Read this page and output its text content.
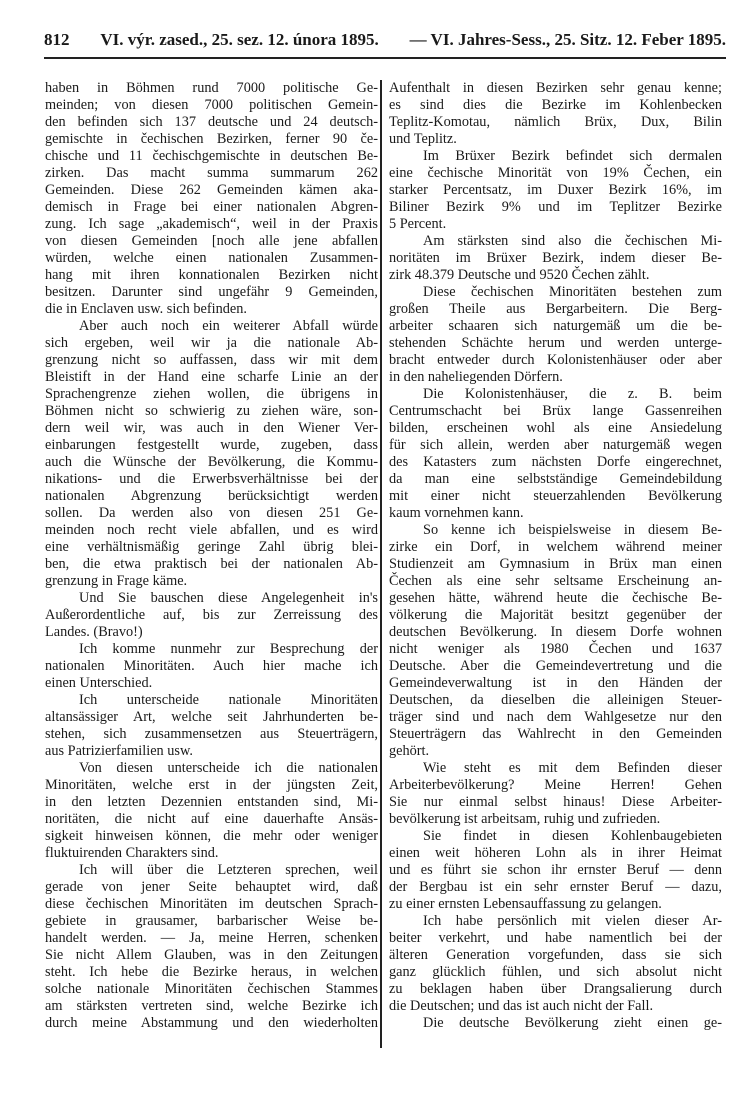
812 VI. výr. zased., 25. sez. 12. února 1895. — VI. Jahres-Sess., 25. Sitz. 12. Feber 1895.
haben in Böhmen rund 7000 politische Ge-
meinden; von diesen 7000 politischen Gemein-
den befinden sich 137 deutsche und 24 deutsch-
gemischte in čechischen Bezirken, ferner 90 če-
chische und 11 čechischgemischte in deutschen Be-
zirken. Das macht summa summarum 262
Gemeinden. Diese 262 Gemeinden kämen aka-
demisch in Frage bei einer nationalen Abgren-
zung. Ich sage „akademisch“, weil in der Praxis
von diesen Gemeinden [noch alle jene abfallen
würden, welche einen nationalen Zusammen-
hang mit ihren konnationalen Bezirken nicht
besitzen. Darunter sind ungefähr 9 Gemeinden,
die in Enclaven usw. sich befinden.
Aber auch noch ein weiterer Abfall würde
sich ergeben, weil wir ja die nationale Ab-
grenzung nicht so auffassen, dass wir mit dem
Bleistift in der Hand eine scharfe Linie an der
Sprachengrenze ziehen wollen, die übrigens in
Böhmen nicht so schwierig zu ziehen wäre, son-
dern weil wir, was auch in den Wiener Ver-
einbarungen festgestellt wurde, zugeben, dass
auch die Wünsche der Bevölkerung, die Kommu-
nikations- und die Erwerbsverhältnisse bei der
nationalen Abgrenzung berücksichtigt werden
sollen. Da werden also von diesen 251 Ge-
meinden noch recht viele abfallen, und es wird
eine verhältnismäßig geringe Zahl übrig blei-
ben, die etwa praktisch bei der nationalen Ab-
grenzung in Frage käme.
Und Sie bauschen diese Angelegenheit in's
Außerordentliche auf, bis zur Zerreissung des
Landes. (Bravo!)
Ich komme nunmehr zur Besprechung der
nationalen Minoritäten. Auch hier mache ich
einen Unterschied.
Ich unterscheide nationale Minoritäten
altansässiger Art, welche seit Jahrhunderten be-
stehen, sich zusammensetzen aus Steuerträgern,
aus Patrizierfamilien usw.
Von diesen unterscheide ich die nationalen
Minoritäten, welche erst in der jüngsten Zeit,
in den letzten Dezennien entstanden sind, Mi-
noritäten, die nicht auf eine dauerhafte Ansäs-
sigkeit hinweisen können, die mehr oder weniger
fluktuirenden Charakters sind.
Ich will über die Letzteren sprechen, weil
gerade von jener Seite behauptet wird, daß
diese čechischen Minoritäten im deutschen Sprach-
gebiete in grausamer, barbarischer Weise be-
handelt werden. — Ja, meine Herren, schenken
Sie nicht Allem Glauben, was in den Zeitungen
steht. Ich hebe die Bezirke heraus, in welchen
solche nationale Minoritäten čechischen Stammes
am stärksten vertreten sind, welche Bezirke ich
durch meine Abstammung und den wiederholten
Aufenthalt in diesen Bezirken sehr genau kenne;
es sind dies die Bezirke im Kohlenbecken
Teplitz-Komotau, nämlich Brüx, Dux, Bilin
und Teplitz.
Im Brüxer Bezirk befindet sich dermalen
eine čechische Minorität von 19% Čechen, ein
starker Percentsatz, im Duxer Bezirk 16%, im
Biliner Bezirk 9% und im Teplitzer Bezirke
5 Percent.
Am stärksten sind also die čechischen Mi-
noritäten im Brüxer Bezirk, indem dieser Be-
zirk 48.379 Deutsche und 9520 Čechen zählt.
Diese čechischen Minoritäten bestehen zum
großen Theile aus Bergarbeitern. Die Berg-
arbeiter schaaren sich naturgemäß um die be-
stehenden Schächte herum und werden unterge-
bracht entweder durch Kolonistenhäuser oder aber
in den naheliegenden Dörfern.
Die Kolonistenhäuser, die z. B. beim
Centrumschacht bei Brüx lange Gassenreihen
bilden, erscheinen wohl als eine Ansiedelung
für sich allein, werden aber naturgemäß wegen
des Katasters zum nächsten Dorfe eingerechnet,
da man eine selbstständige Gemeindebildung
mit einer nicht steuerzahlenden Bevölkerung
kaum vornehmen kann.
So kenne ich beispielsweise in diesem Be-
zirke ein Dorf, in welchem während meiner
Studienzeit am Gymnasium in Brüx man einen
Čechen als eine sehr seltsame Erscheinung an-
gesehen hätte, während heute die čechische Be-
völkerung die Majorität besitzt gegenüber der
deutschen Bevölkerung. In diesem Dorfe wohnen
nicht weniger als 1980 Čechen und 1637
Deutsche. Aber die Gemeindevertretung und die
Gemeindeverwaltung ist in den Händen der
Deutschen, da dieselben die alleinigen Steuer-
träger sind und nach dem Wahlgesetze nur den
Steuerträgern das Wahlrecht in den Gemeinden
gehört.
Wie steht es mit dem Befinden dieser
Arbeiterbevölkerung? Meine Herren! Gehen
Sie nur einmal selbst hinaus! Diese Arbeiter-
bevölkerung ist arbeitsam, ruhig und zufrieden.
Sie findet in diesen Kohlenbaugebieten
einen weit höheren Lohn als in ihrer Heimat
und es führt sie schon ihr ernster Beruf — denn
der Bergbau ist ein sehr ernster Beruf — dazu,
zu einer ernsten Lebensauffassung zu gelangen.
Ich habe persönlich mit vielen dieser Ar-
beiter verkehrt, und habe namentlich bei der
älteren Generation vorgefunden, dass sie sich
ganz glücklich fühlen, und sich absolut nicht
zu beklagen haben über Drangsalierung durch
die Deutschen; und das ist auch nicht der Fall.
Die deutsche Bevölkerung zieht einen ge-
